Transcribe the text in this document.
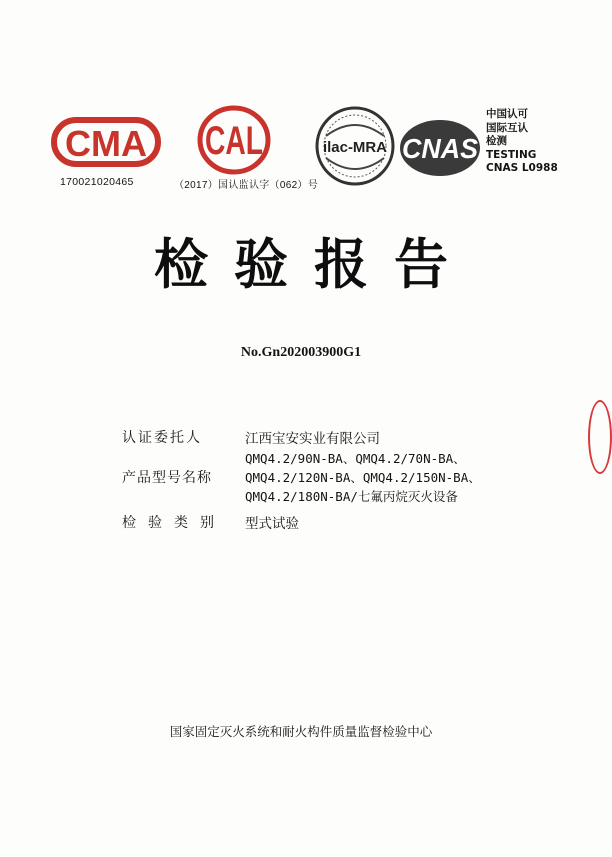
CMA
170021020465
CAL
（2017）国认监认字（062）号
ilac-MRA CNAS
中国认可
国际互认
检测
TESTING
CNAS L0988
检验报告
No.Gn202003900G1
认证委托人	江西宝安实业有限公司
产品型号名称
QMQ4.2/90N-BA、QMQ4.2/70N-BA、
QMQ4.2/120N-BA、QMQ4.2/150N-BA、
QMQ4.2/180N-BA/七氟丙烷灭火设备
检验类别 型式试验
国家固定灭火系统和耐火构件质量监督检验中心
